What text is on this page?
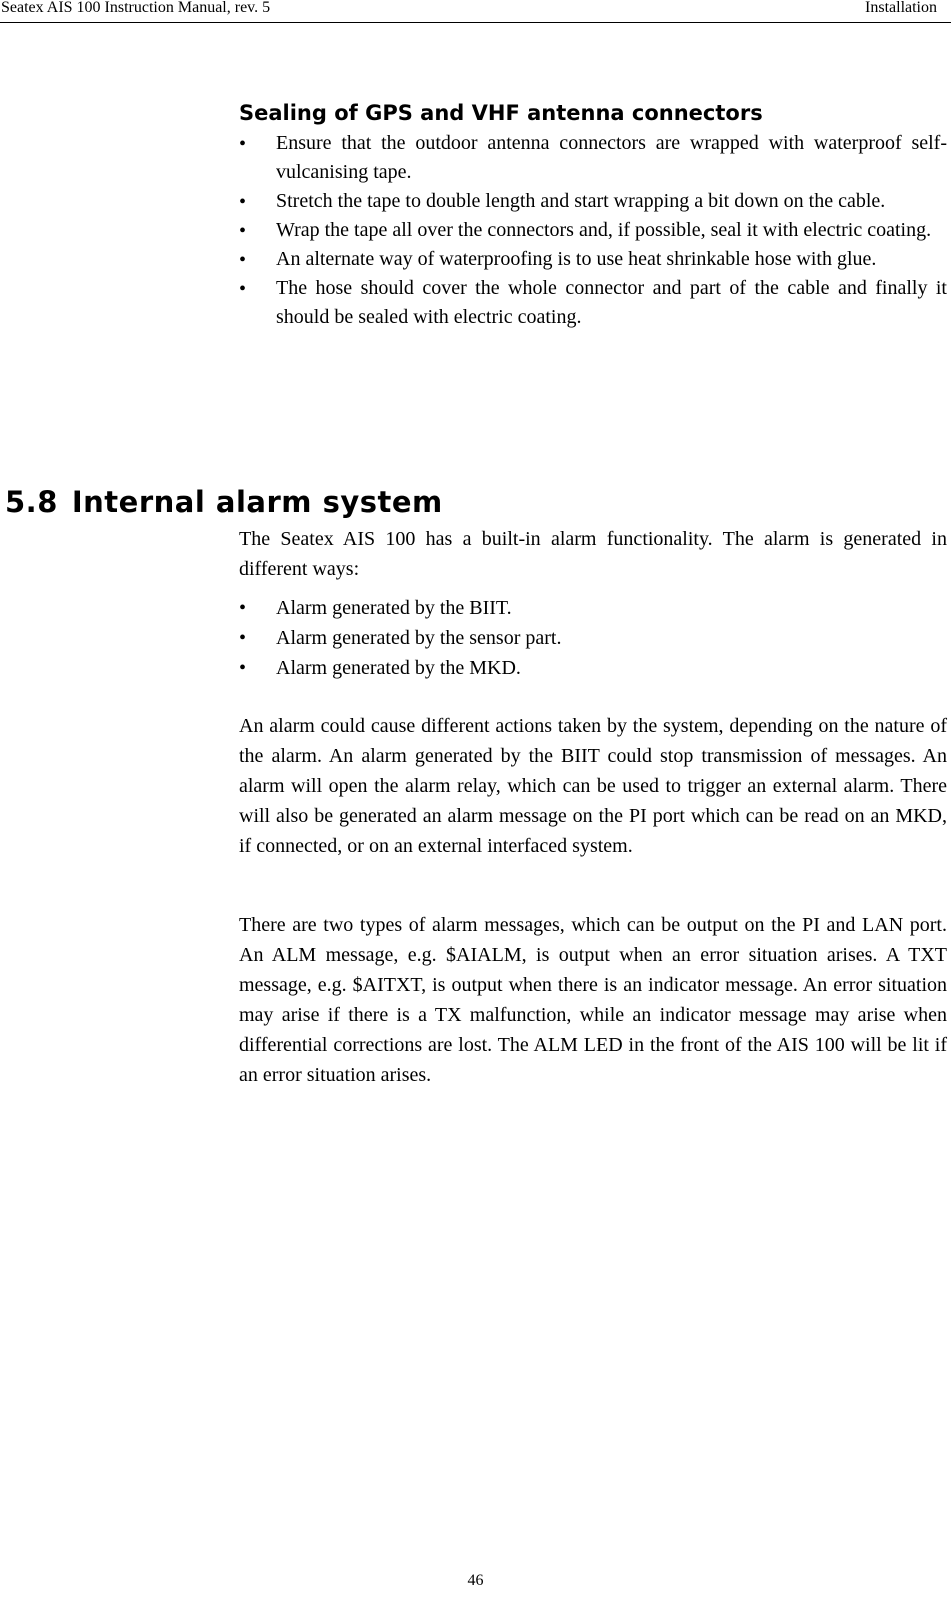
Seatex AIS 100 Instruction Manual, rev. 5	Installation
Sealing of GPS and VHF antenna connectors
• Ensure that the outdoor antenna connectors are wrapped with waterproof self-vulcanising tape.
• Stretch the tape to double length and start wrapping a bit down on the cable.
• Wrap the tape all over the connectors and, if possible, seal it with electric coating.
• An alternate way of waterproofing is to use heat shrinkable hose with glue.
• The hose should cover the whole connector and part of the cable and finally it should be sealed with electric coating.
5.8 Internal alarm system

The Seatex AIS 100 has a built-in alarm functionality. The alarm is generated in different ways:

• Alarm generated by the BIIT.
• Alarm generated by the sensor part.
• Alarm generated by the MKD.

An alarm could cause different actions taken by the system, depending on the nature of the alarm. An alarm generated by the BIIT could stop transmission of messages. An alarm will open the alarm relay, which can be used to trigger an external alarm. There will also be generated an alarm message on the PI port which can be read on an MKD, if connected, or on an external interfaced system.

There are two types of alarm messages, which can be output on the PI and LAN port. An ALM message, e.g. $AIALM, is output when an error situation arises. A TXT message, e.g. $AITXT, is output when there is an indicator message. An error situation may arise if there is a TX malfunction, while an indicator message may arise when differential corrections are lost. The ALM LED in the front of the AIS 100 will be lit if an error situation arises.

46
